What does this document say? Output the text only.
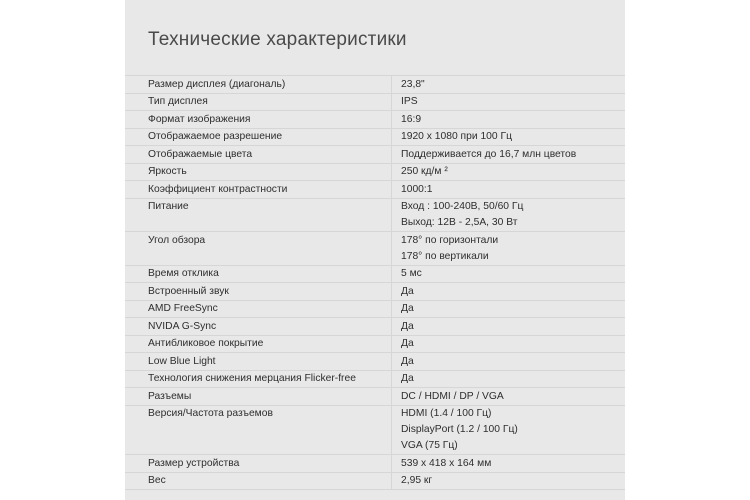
Технические характеристики
Размер дисплея (диагональ)	23,8"
Тип дисплея	IPS
Формат изображения	16:9
Отображаемое разрешение	1920 x 1080 при 100 Гц
Отображаемые цвета	Поддерживается до 16,7 млн цветов
Яркость	250 кд/м ²
Коэффициент контрастности	1000:1
Питание	Вход : 100-240В, 50/60 Гц
Выход: 12В - 2,5А, 30 Вт
Угол обзора	178° по горизонтали
178° по вертикали
Время отклика	5 мс
Встроенный звук	Да
AMD FreeSync	Да
NVIDA G-Sync	Да
Антибликовое покрытие	Да
Low Blue Light	Да
Технология снижения мерцания Flicker-free	Да
Разъемы	DC / HDMI / DP / VGA
Версия/Частота разъемов	HDMI (1.4 / 100 Гц)
DisplayPort (1.2 / 100 Гц)
VGA (75 Гц)
Размер устройства	539 x 418 x 164 мм
Вес	2,95 кг
